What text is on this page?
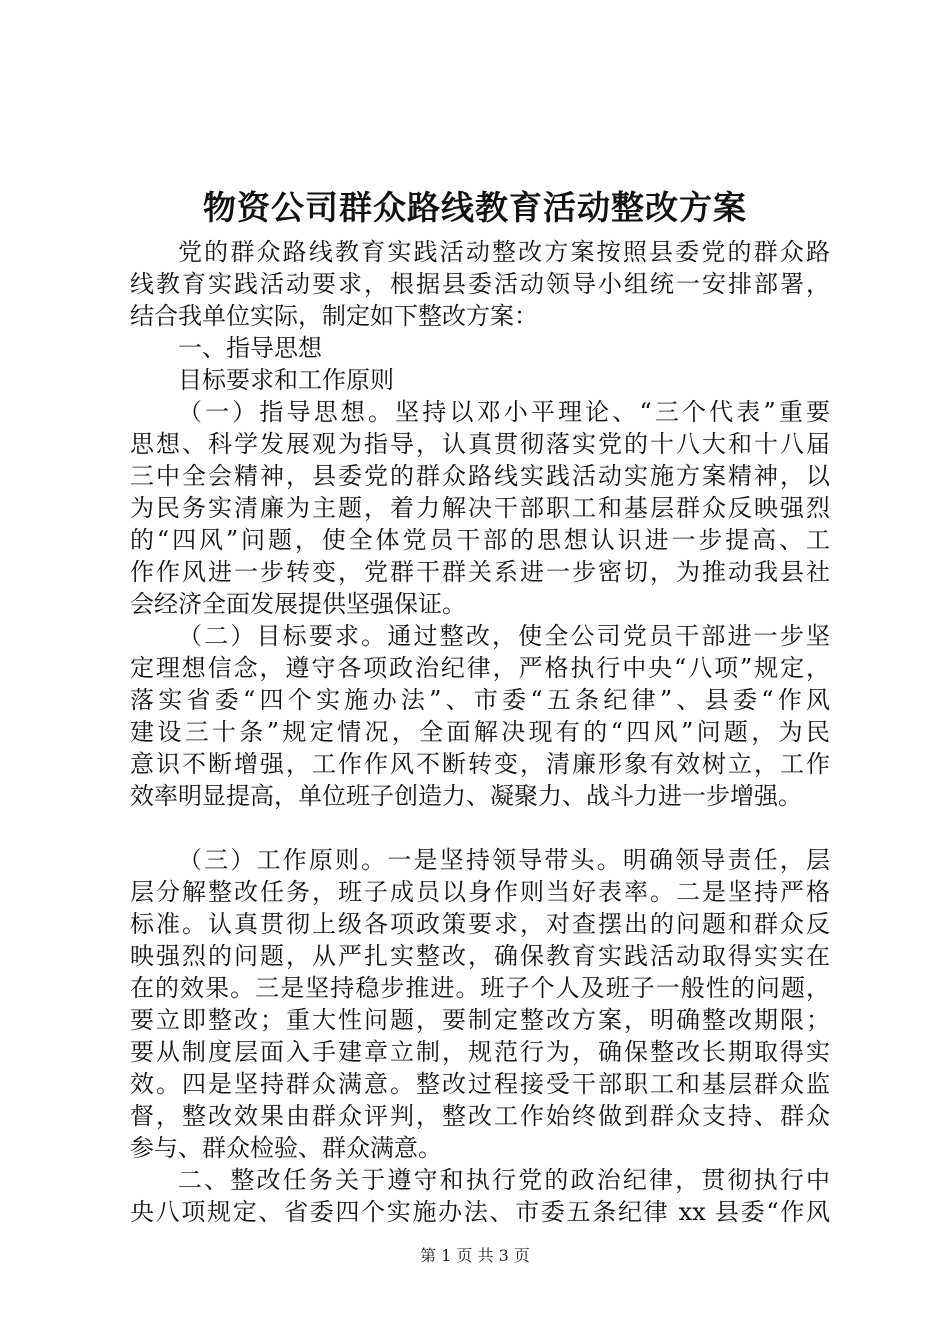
物资公司群众路线教育活动整改方案
党的群众路线教育实践活动整改方案按照县委党的群众路
线教育实践活动要求，根据县委活动领导小组统一安排部署，
结合我单位实际，制定如下整改方案：
一、指导思想
目标要求和工作原则
（一）指导思想。坚持以邓小平理论、“三个代表”重要
思想、科学发展观为指导，认真贯彻落实党的十八大和十八届
三中全会精神，县委党的群众路线实践活动实施方案精神，以
为民务实清廉为主题，着力解决干部职工和基层群众反映强烈
的“四风”问题，使全体党员干部的思想认识进一步提高、工
作作风进一步转变，党群干群关系进一步密切，为推动我县社
会经济全面发展提供坚强保证。
（二）目标要求。通过整改，使全公司党员干部进一步坚
定理想信念，遵守各项政治纪律，严格执行中央“八项”规定，
落实省委“四个实施办法”、市委“五条纪律”、县委“作风
建设三十条”规定情况，全面解决现有的“四风”问题，为民
意识不断增强，工作作风不断转变，清廉形象有效树立，工作
效率明显提高，单位班子创造力、凝聚力、战斗力进一步增强。
（三）工作原则。一是坚持领导带头。明确领导责任，层
层分解整改任务，班子成员以身作则当好表率。二是坚持严格
标准。认真贯彻上级各项政策要求，对查摆出的问题和群众反
映强烈的问题，从严扎实整改，确保教育实践活动取得实实在
在的效果。三是坚持稳步推进。班子个人及班子一般性的问题，
要立即整改；重大性问题，要制定整改方案，明确整改期限；
要从制度层面入手建章立制，规范行为，确保整改长期取得实
效。四是坚持群众满意。整改过程接受干部职工和基层群众监
督，整改效果由群众评判，整改工作始终做到群众支持、群众
参与、群众检验、群众满意。
二、整改任务关于遵守和执行党的政治纪律，贯彻执行中
央八项规定、省委四个实施办法、市委五条纪律 xx 县委“作风
第 1 页 共 3 页
